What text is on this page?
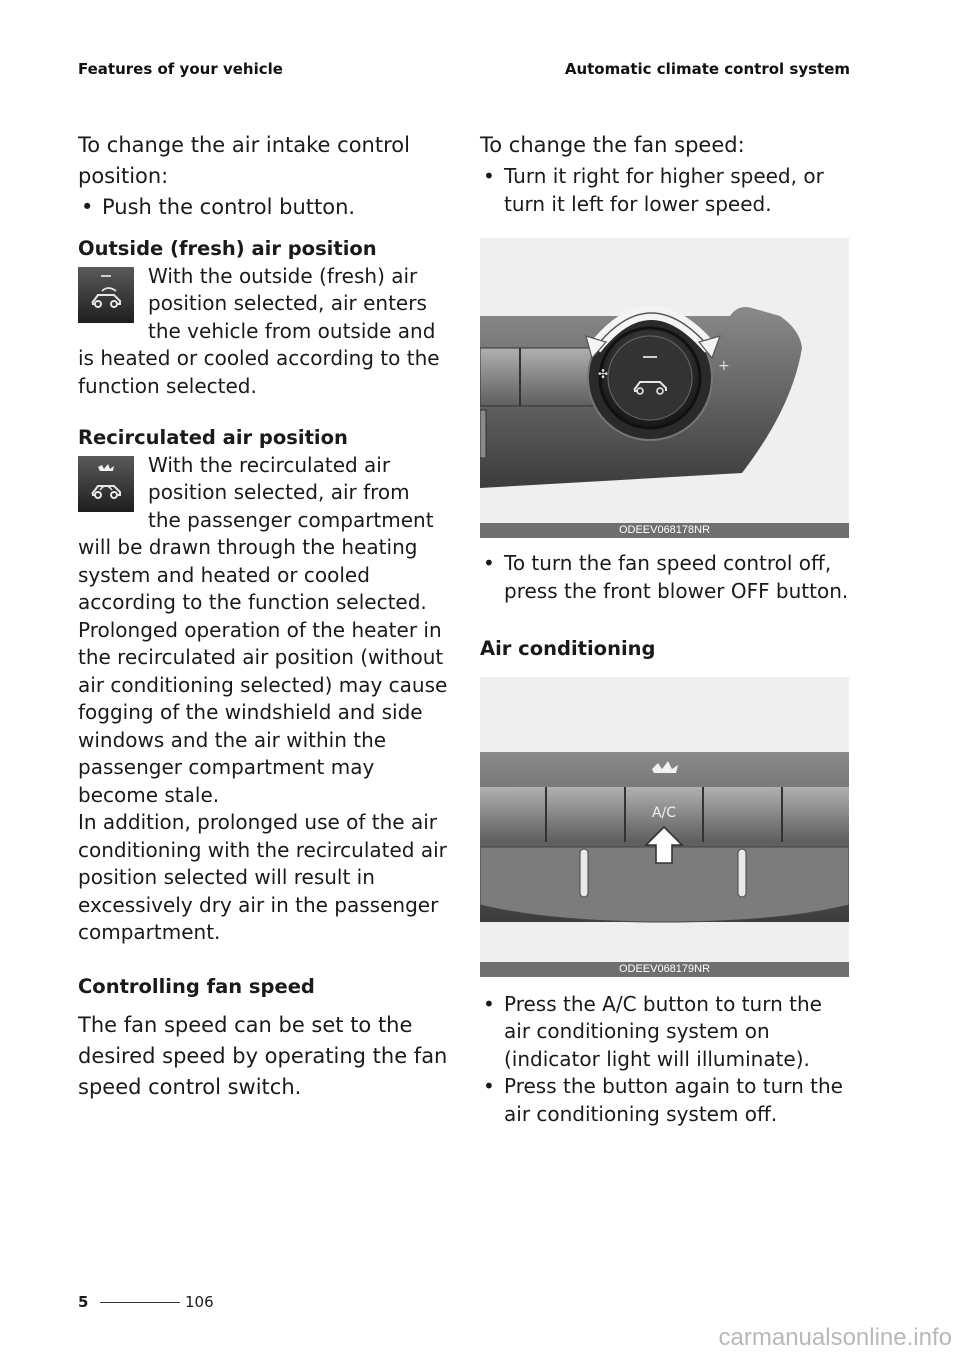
Features of your vehicle	Automatic climate control system

To change the air intake control position:

• Push the control button.

Outside (fresh) air position

With the outside (fresh) air position selected, air enters the vehicle from outside and is heated or cooled according to the function selected.

Recirculated air position

With the recirculated air position selected, air from the passenger compartment will be drawn through the heating system and heated or cooled according to the function selected.

Prolonged operation of the heater in the recirculated air position (without air conditioning selected) may cause fogging of the windshield and side windows and the air within the passenger compartment may become stale.

In addition, prolonged use of the air conditioning with the recirculated air position selected will result in excessively dry air in the passenger compartment.

Controlling fan speed

The fan speed can be set to the desired speed by operating the fan speed control switch.

To change the fan speed:

• Turn it right for higher speed, or turn it left for lower speed.

✣	+
ODEEV068178NR

• To turn the fan speed control off, press the front blower OFF button.

Air conditioning

A/C
ODEEV068179NR

• Press the A/C button to turn the air conditioning system on (indicator light will illuminate).

• Press the button again to turn the air conditioning system off.

5	106
carmanualsonline.info
